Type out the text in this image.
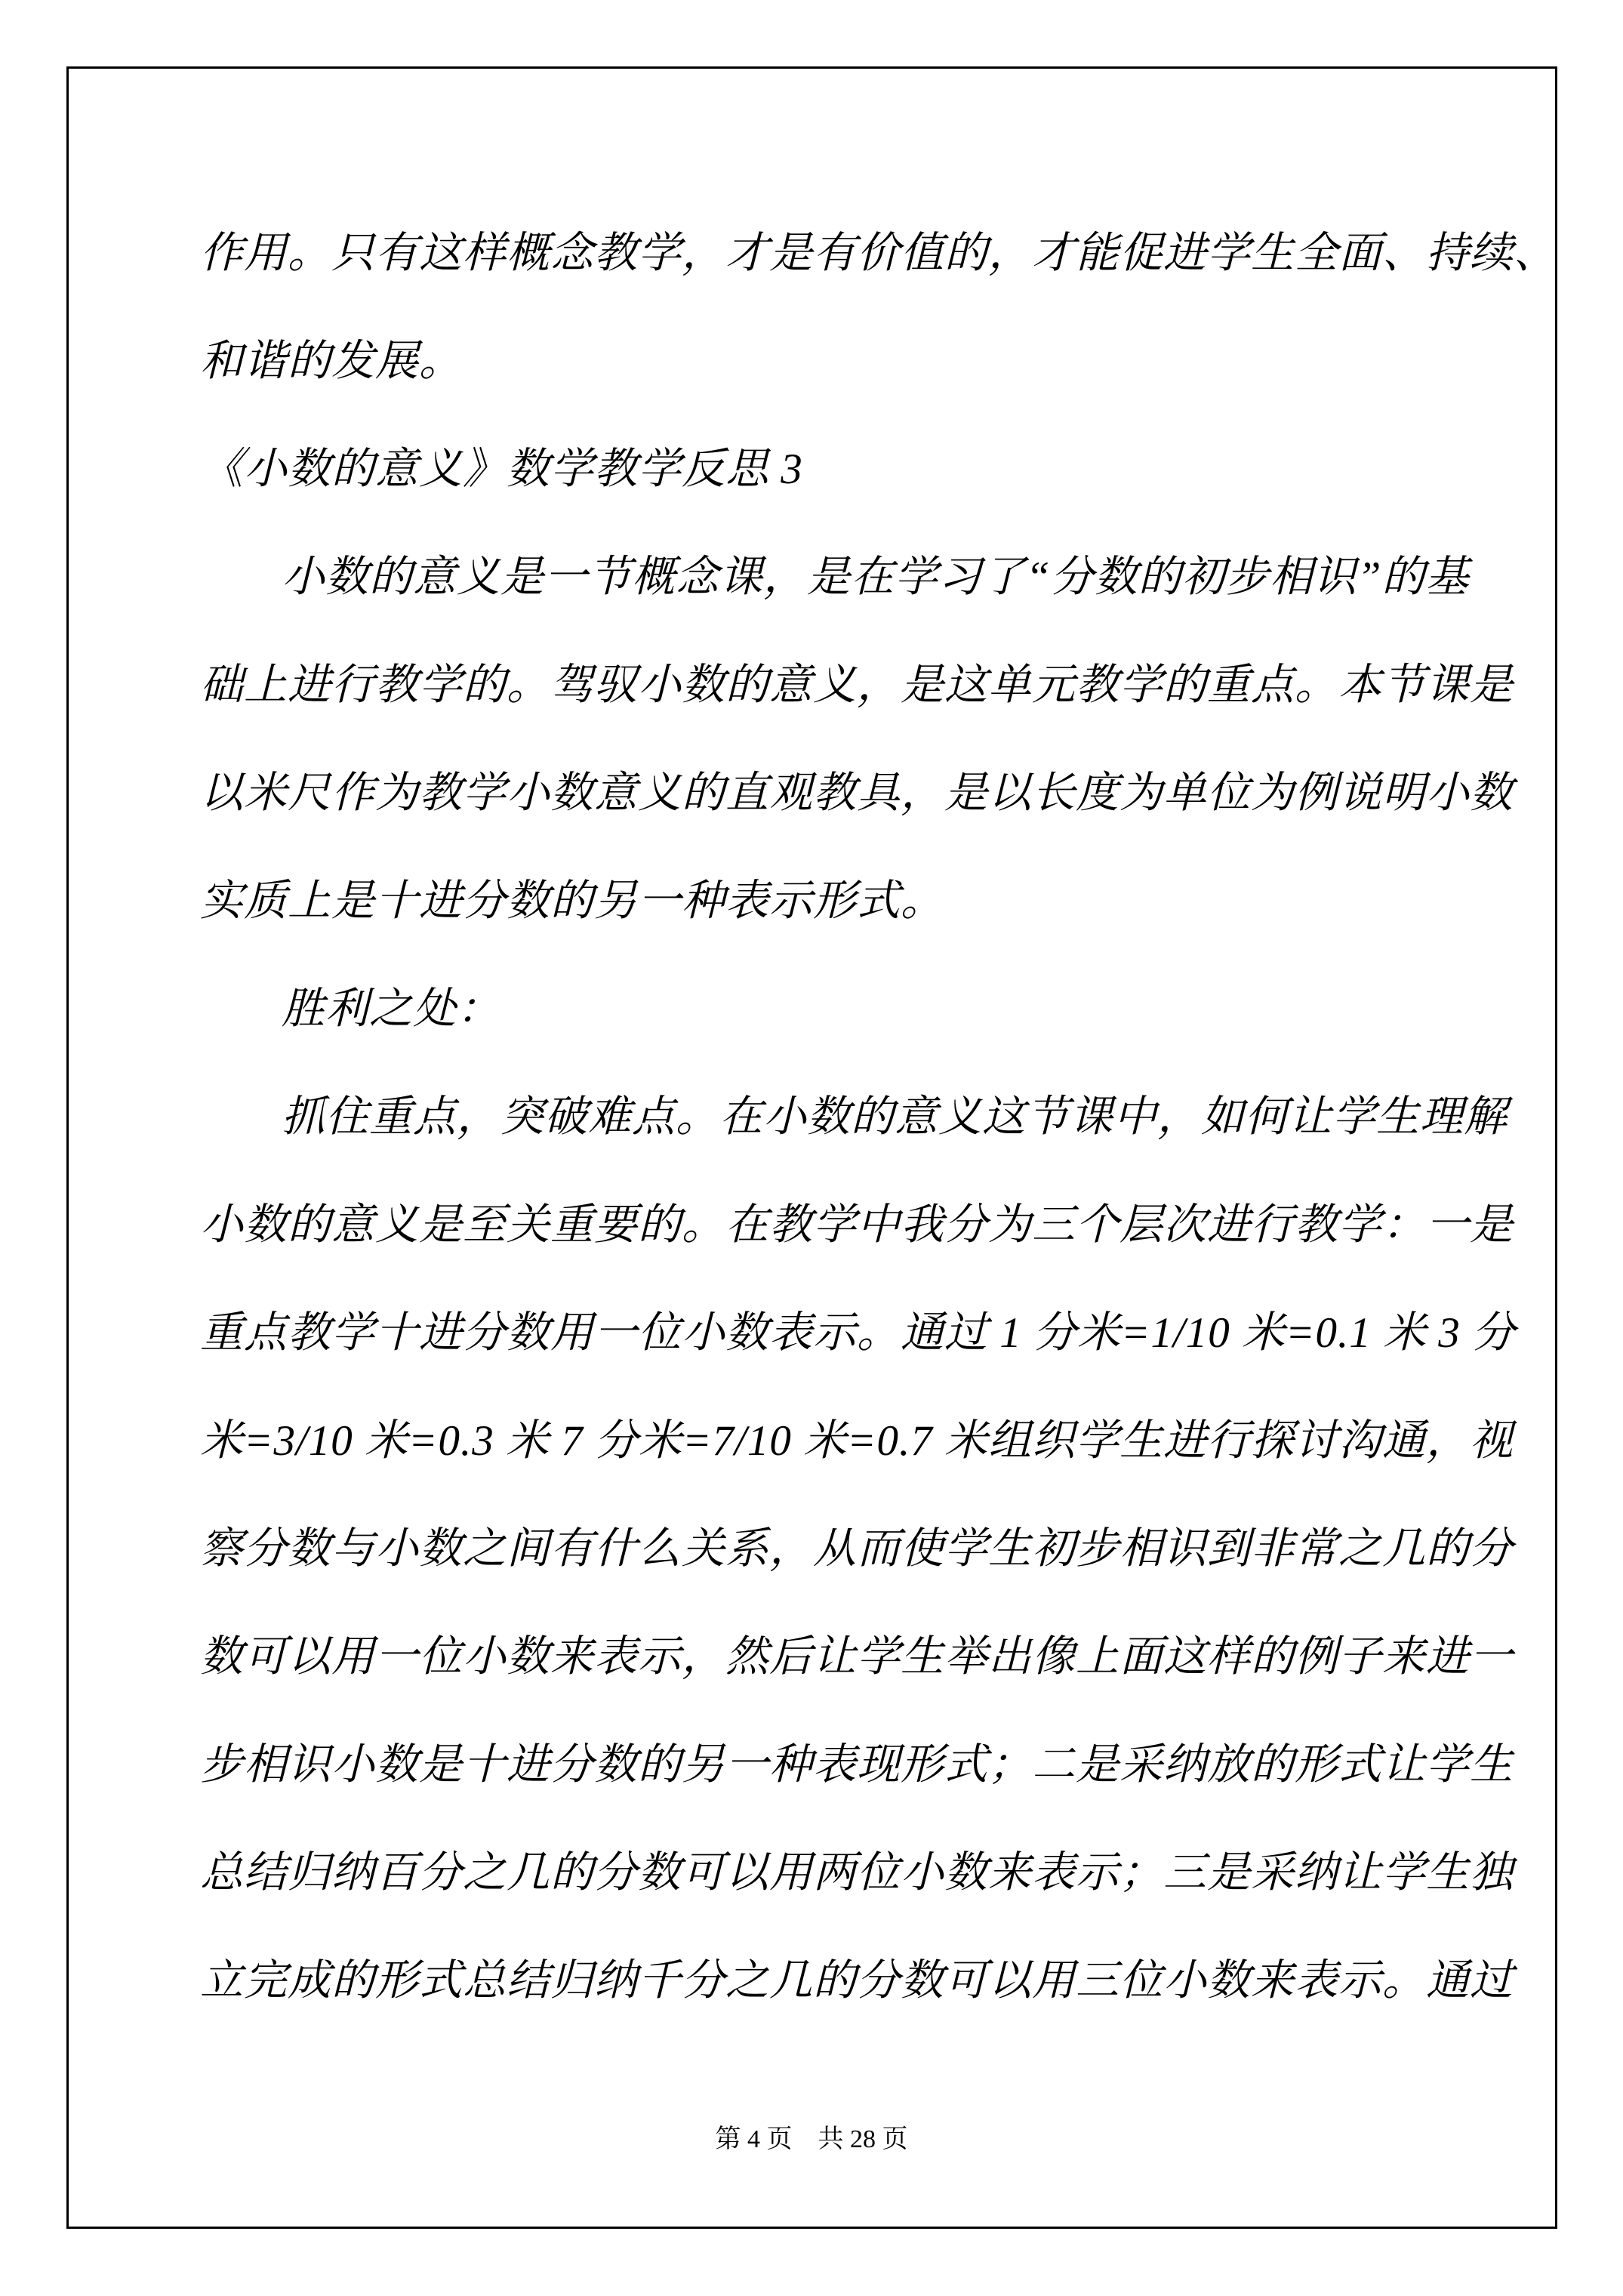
作用。只有这样概念教学，才是有价值的，才能促进学生全面、持续、
和谐的发展。
《小数的意义》数学教学反思 3
小数的意义是一节概念课，是在学习了“分数的初步相识”的基
础上进行教学的。驾驭小数的意义，是这单元教学的重点。本节课是
以米尺作为教学小数意义的直观教具，是以长度为单位为例说明小数
实质上是十进分数的另一种表示形式。
胜利之处：
抓住重点，突破难点。在小数的意义这节课中，如何让学生理解
小数的意义是至关重要的。在教学中我分为三个层次进行教学：一是
重点教学十进分数用一位小数表示。通过 1 分米=1/10 米=0.1 米 3 分
米=3/10 米=0.3 米 7 分米=7/10 米=0.7 米组织学生进行探讨沟通，视
察分数与小数之间有什么关系，从而使学生初步相识到非常之几的分
数可以用一位小数来表示，然后让学生举出像上面这样的例子来进一
步相识小数是十进分数的另一种表现形式；二是采纳放的形式让学生
总结归纳百分之几的分数可以用两位小数来表示；三是采纳让学生独
立完成的形式总结归纳千分之几的分数可以用三位小数来表示。通过
第 4 页　共 28 页
